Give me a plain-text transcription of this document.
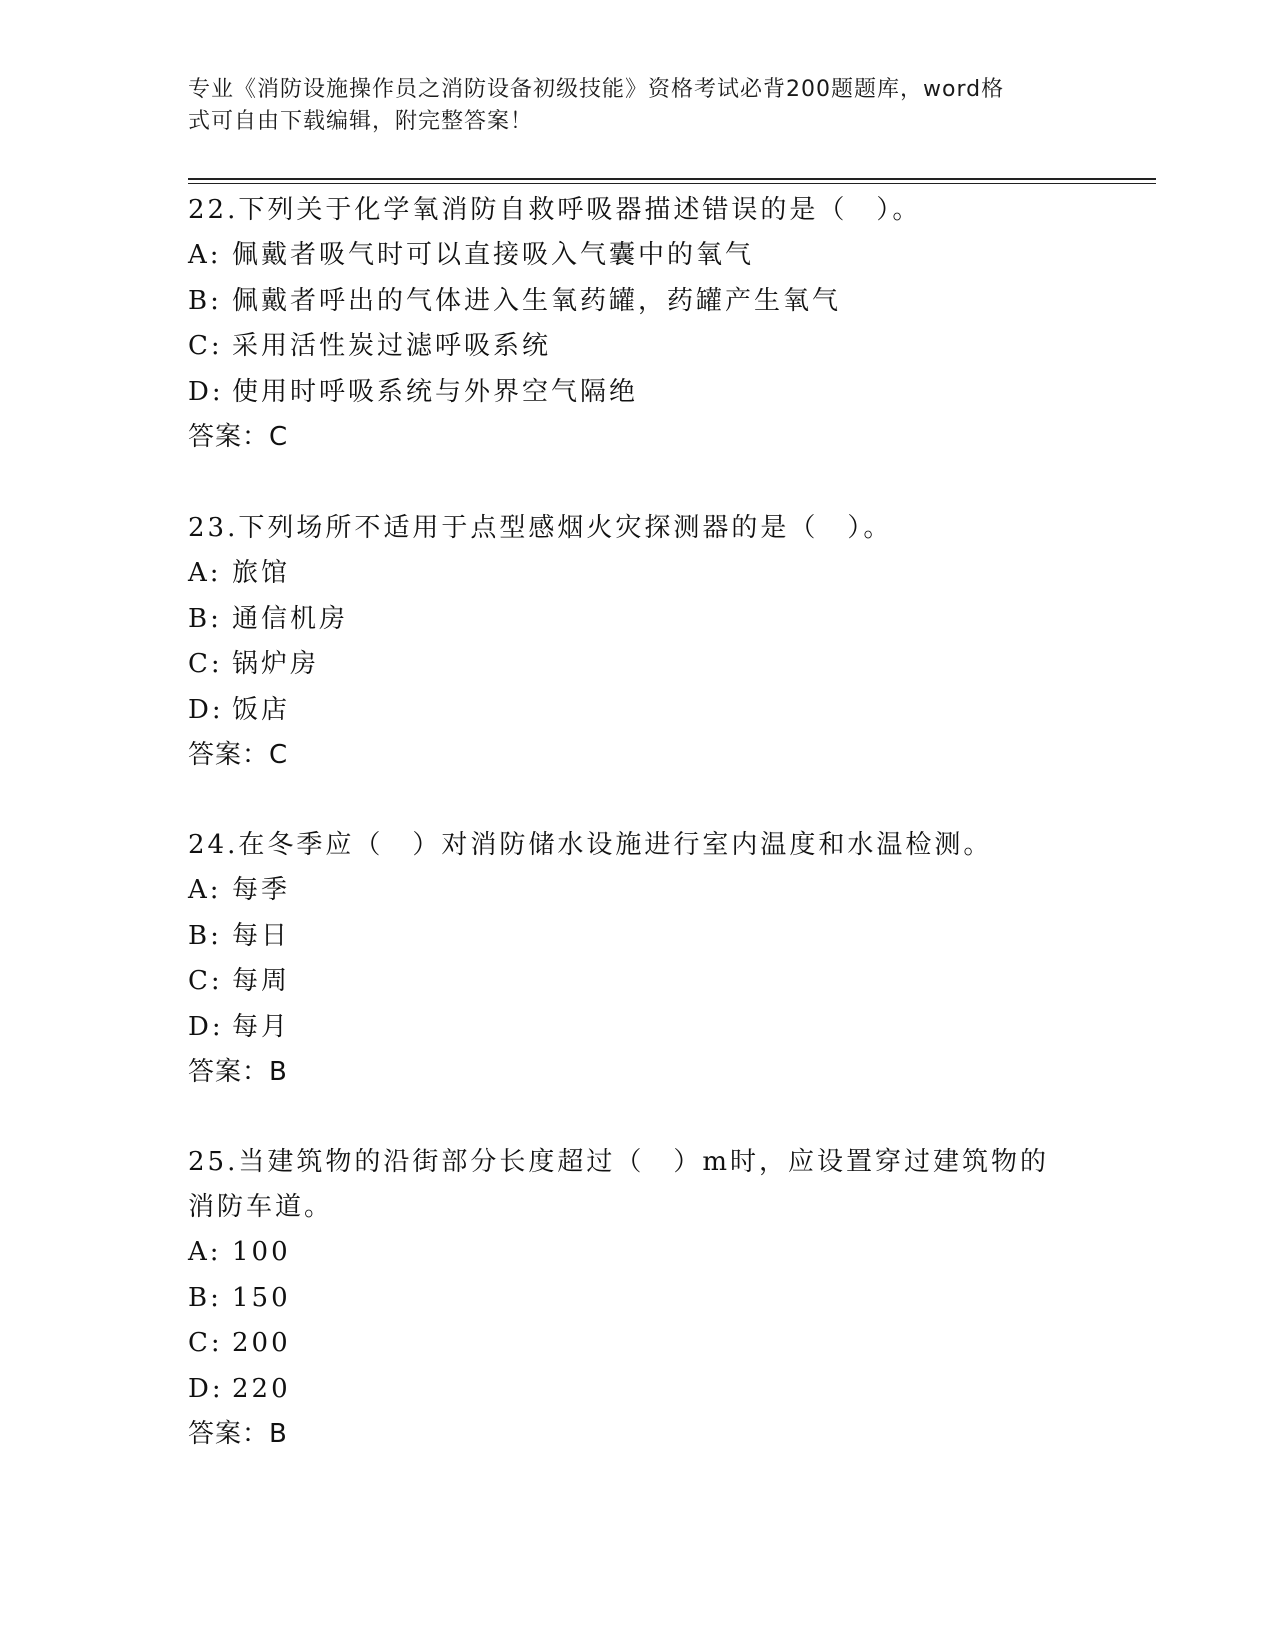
专业《消防设施操作员之消防设备初级技能》资格考试必背200题题库，word格
式可自由下载编辑，附完整答案！

22.下列关于化学氧消防自救呼吸器描述错误的是（　）。

A: 佩戴者吸气时可以直接吸入气囊中的氧气

B: 佩戴者呼出的气体进入生氧药罐，药罐产生氧气

C: 采用活性炭过滤呼吸系统

D: 使用时呼吸系统与外界空气隔绝

答案：C

23.下列场所不适用于点型感烟火灾探测器的是（　）。

A: 旅馆

B: 通信机房

C: 锅炉房

D: 饭店

答案：C

24.在冬季应（　）对消防储水设施进行室内温度和水温检测。

A: 每季

B: 每日

C: 每周

D: 每月

答案：B

25.当建筑物的沿街部分长度超过（　）m时，应设置穿过建筑物的消防车道。

A: 100

B: 150

C: 200

D: 220

答案：B
